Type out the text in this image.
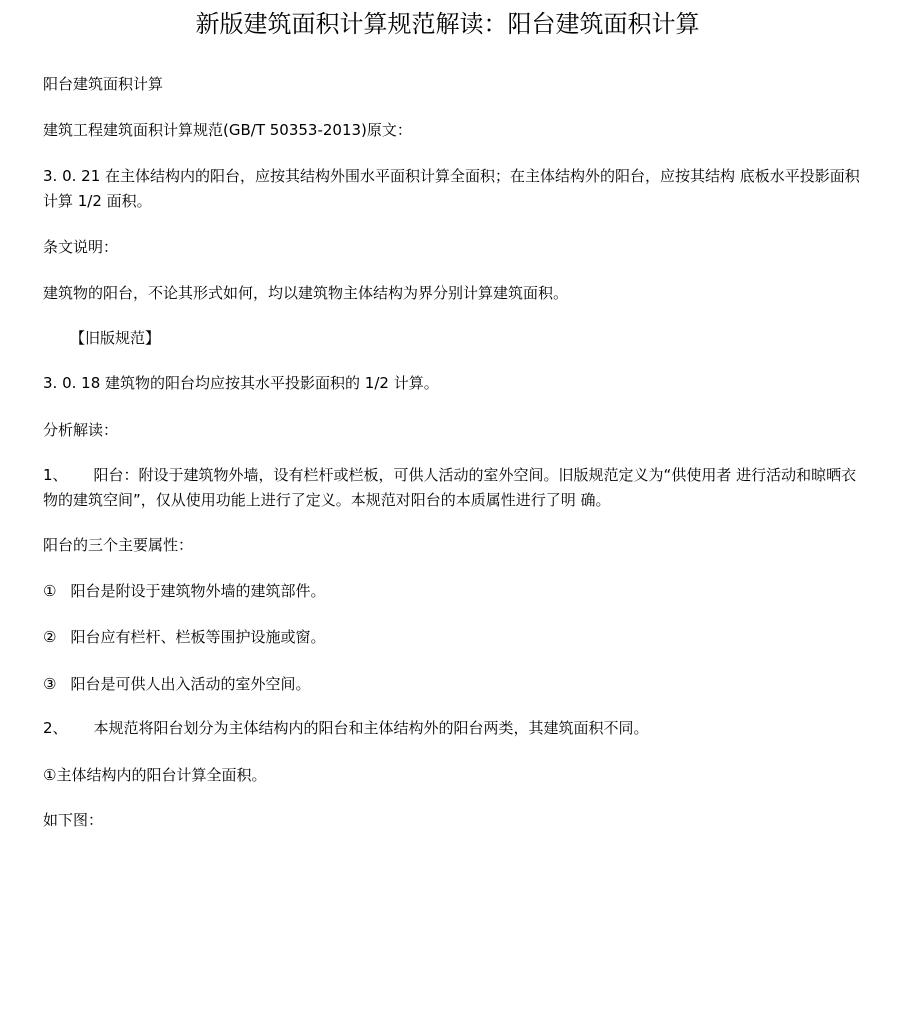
新版建筑面积计算规范解读：阳台建筑面积计算

阳台建筑面积计算

建筑工程建筑面积计算规范(GB/T 50353-2013)原文：

3. 0. 21 在主体结构内的阳台，应按其结构外围水平面积计算全面积；在主体结构外的阳台，应按其结构 底板水平投影面积计算 1/2 面积。

条文说明：

建筑物的阳台，不论其形式如何，均以建筑物主体结构为界分别计算建筑面积。

【旧版规范】

3. 0. 18 建筑物的阳台均应按其水平投影面积的 1/2 计算。

分析解读：

1、 阳台：附设于建筑物外墙，设有栏杆或栏板，可供人活动的室外空间。旧版规范定义为“供使用者 进行活动和晾晒衣物的建筑空间”，仅从使用功能上进行了定义。本规范对阳台的本质属性进行了明 确。

阳台的三个主要属性：

① 阳台是附设于建筑物外墙的建筑部件。

② 阳台应有栏杆、栏板等围护设施或窗。

③ 阳台是可供人出入活动的室外空间。

2、 本规范将阳台划分为主体结构内的阳台和主体结构外的阳台两类，其建筑面积不同。

①主体结构内的阳台计算全面积。

如下图：
